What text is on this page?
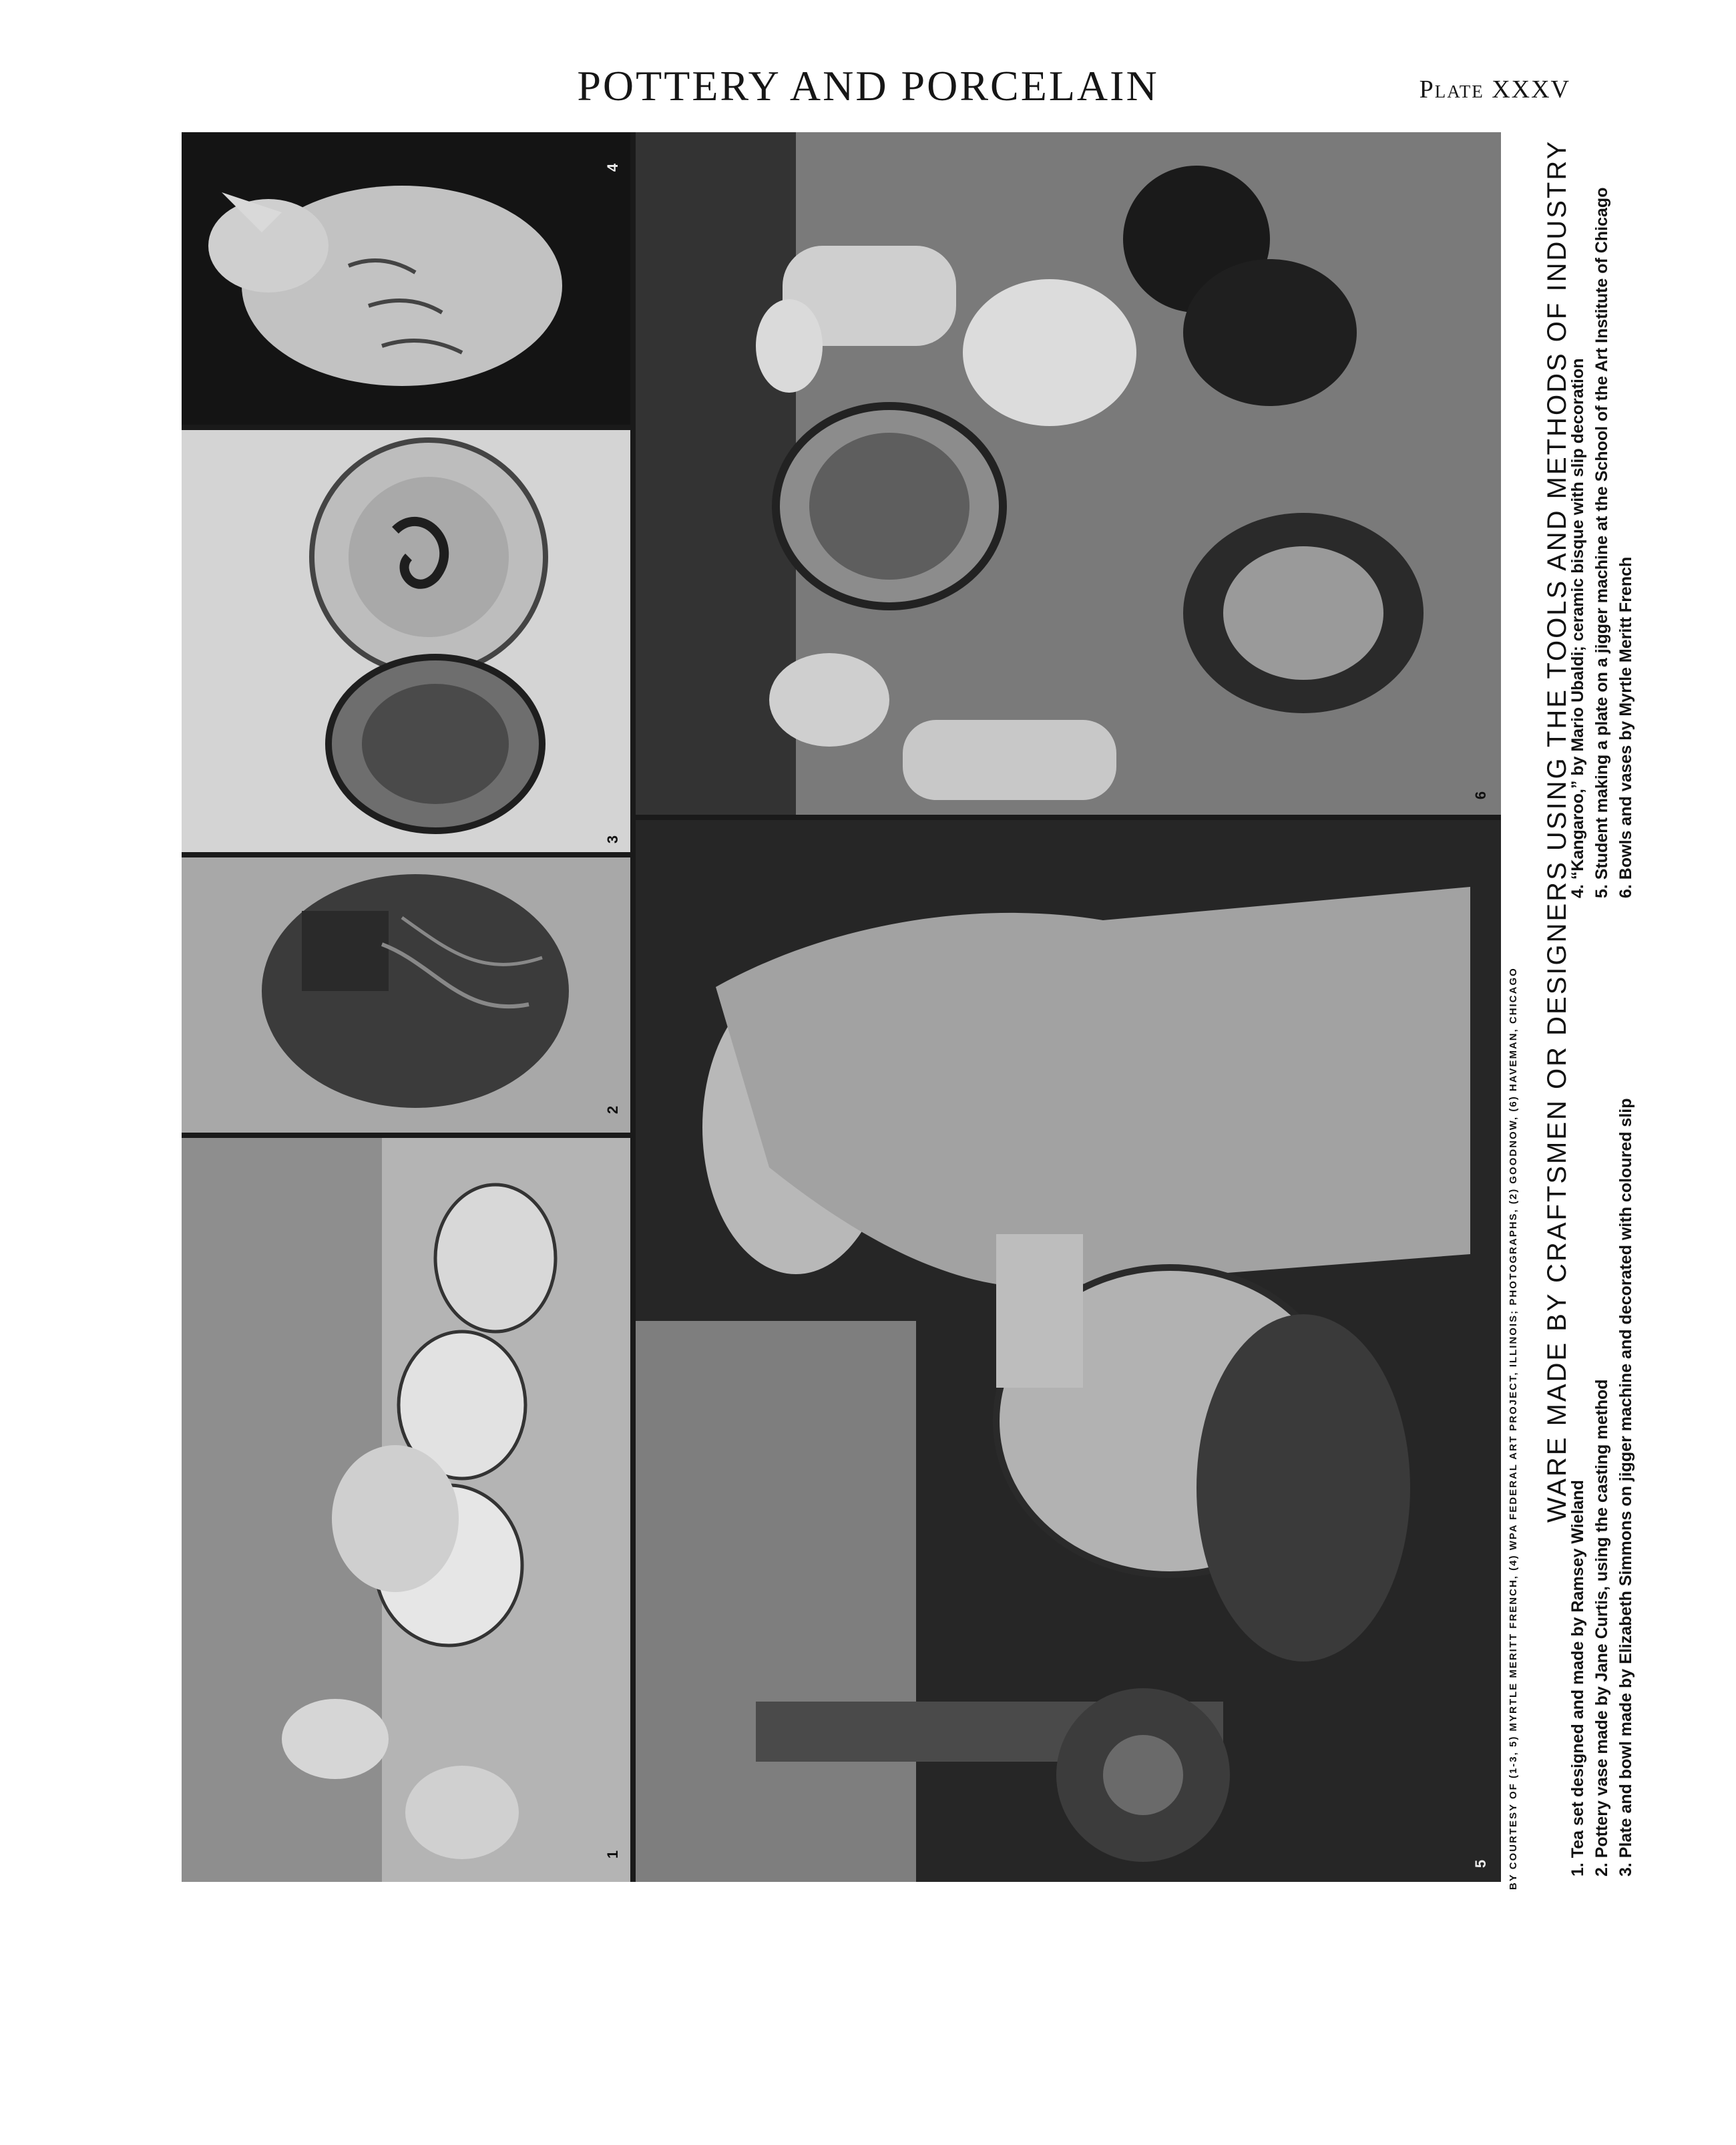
POTTERY AND PORCELAIN	Plate XXXV
1
2
3
4
6
5 BY COURTESY OF (1-3, 5) MYRTLE MERITT FRENCH, (4) WPA FEDERAL ART PROJECT, ILLINOIS; PHOTOGRAPHS, (2) GOODNOW, (6) HAVEMAN, CHICAGO WARE MADE BY CRAFTSMEN OR DESIGNERS USING THE TOOLS AND METHODS OF INDUSTRY
1. Tea set designed and made by Ramsey Wieland 2. Pottery vase made by Jane Curtis, using the casting method 3. Plate and bowl made by Elizabeth Simmons on jigger machine and decorated with coloured slip
4. “Kangaroo,” by Mario Ubaldi; ceramic bisque with slip decoration 5. Student making a plate on a jigger machine at the School of the Art Institute of Chicago 6. Bowls and vases by Myrtle Meritt French
